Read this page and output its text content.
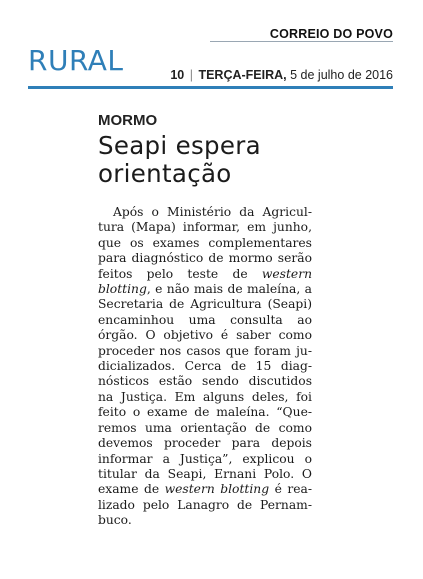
CORREIO DO POVO
RURAL	10 | TERÇA-FEIRA, 5 de julho de 2016
MORMO
Seapi espera
orientação

Após o Ministério da Agricultura (Mapa) informar, em junho, que os exames complementares para diagnóstico de mormo serão feitos pelo teste de western blotting, e não mais de maleína, a Secretaria de Agricultura (Seapi) encaminhou uma consulta ao órgão. O objetivo é saber como proceder nos casos que foram judicializados. Cerca de 15 diagnósticos estão sendo discutidos na Justiça. Em alguns deles, foi feito o exame de maleína. “Queremos uma orientação de como devemos proceder para depois informar a Justiça”, explicou o titular da Seapi, Ernani Polo. O exame de western blotting é realizado pelo Lanagro de Pernambuco.
